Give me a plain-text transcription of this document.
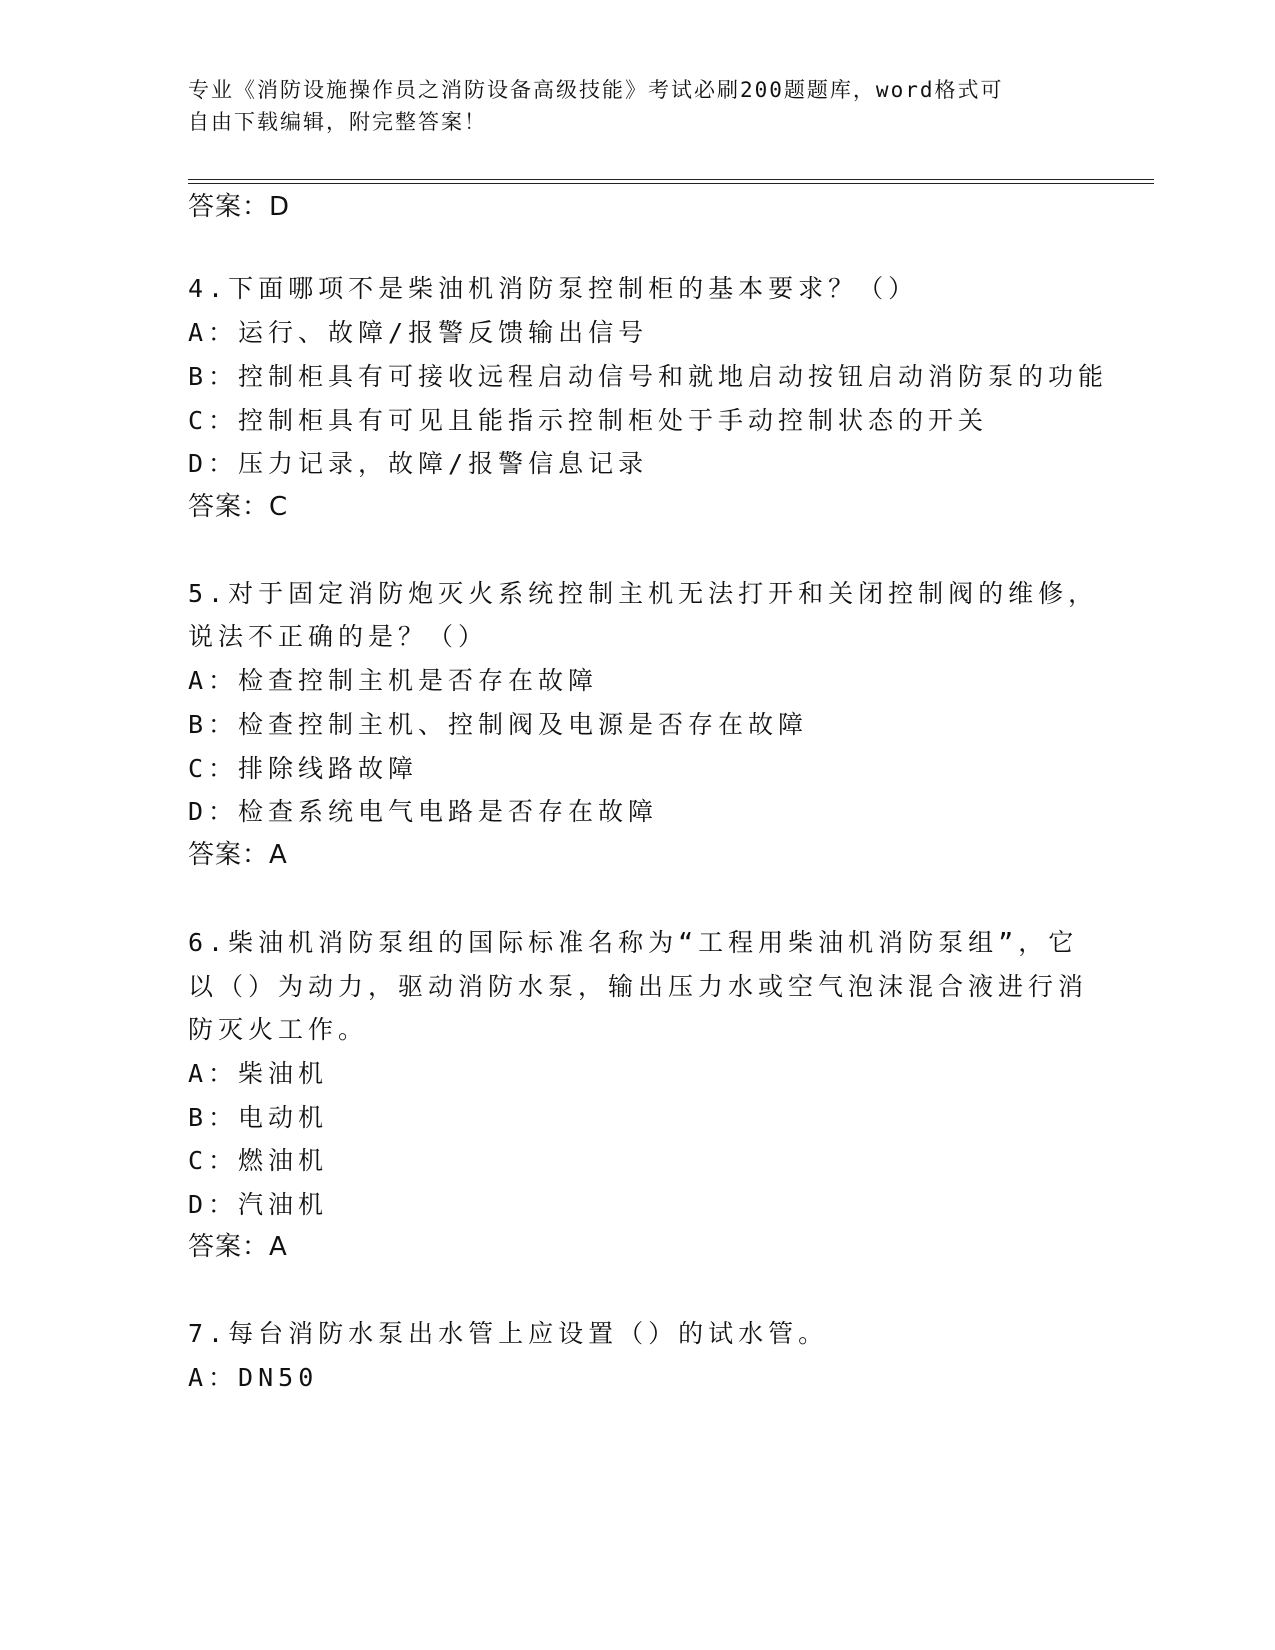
专业《消防设施操作员之消防设备高级技能》考试必刷200题题库，word格式可
自由下载编辑，附完整答案！
答案：D
4.下面哪项不是柴油机消防泵控制柜的基本要求？（）
A：运行、故障/报警反馈输出信号
B：控制柜具有可接收远程启动信号和就地启动按钮启动消防泵的功能
C：控制柜具有可见且能指示控制柜处于手动控制状态的开关
D：压力记录，故障/报警信息记录
答案：C
5.对于固定消防炮灭火系统控制主机无法打开和关闭控制阀的维修，
说法不正确的是？（）
A：检查控制主机是否存在故障
B：检查控制主机、控制阀及电源是否存在故障
C：排除线路故障
D：检查系统电气电路是否存在故障
答案：A
6.柴油机消防泵组的国际标准名称为“工程用柴油机消防泵组”，它
以（）为动力，驱动消防水泵，输出压力水或空气泡沫混合液进行消
防灭火工作。
A：柴油机
B：电动机
C：燃油机
D：汽油机
答案：A
7.每台消防水泵出水管上应设置（）的试水管。
A：DN50
